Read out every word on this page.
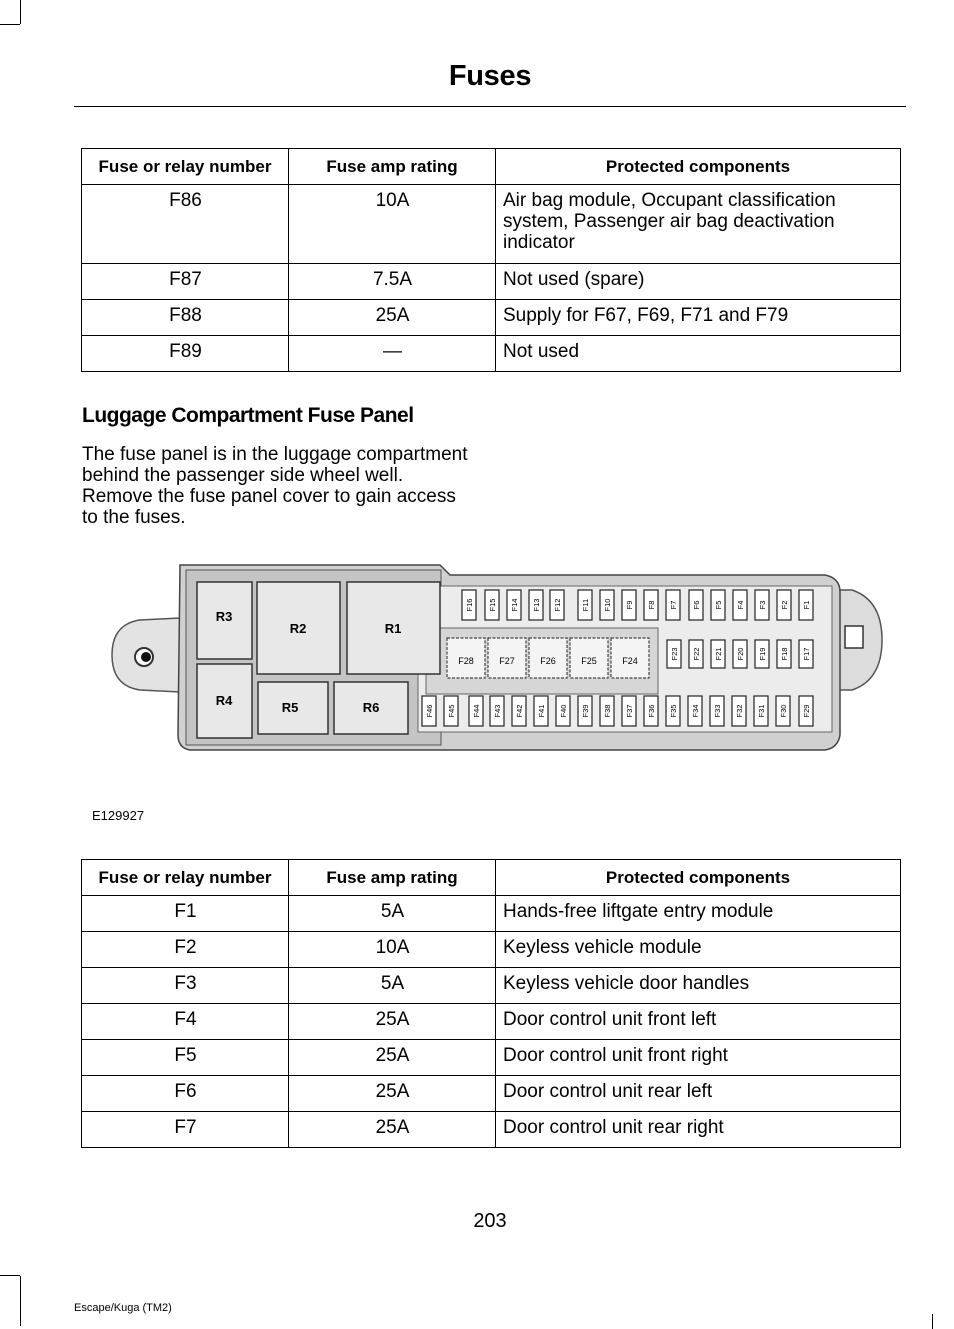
Fuses
Fuse or relay number	Fuse amp rating	Protected components
F86	10A	Air bag module, Occupant classification system, Passenger air bag deactivation indicator
F87	7.5A	Not used (spare)
F88	25A	Supply for F67, F69, F71 and F79
F89	—	Not used
Luggage Compartment Fuse Panel
The fuse panel is in the luggage compartment behind the passenger side wheel well. Remove the fuse panel cover to gain access to the fuses.
R3
R2	R1
R4	R5	R6
F16 F15 F14 F13 F12	F11 F10 F9 F8 F7 F6 F5 F4 F3 F2 F1
F28	F27	F26	F25	F24
F23 F22 F21 F20 F19 F18 F17
F46 F45 F44 F43 F42 F41 F40 F39 F38 F37 F36 F35 F34 F33 F32 F31 F30 F29
E129927
Fuse or relay number	Fuse amp rating	Protected components
F1	5A	Hands-free liftgate entry module
F2	10A	Keyless vehicle module
F3	5A	Keyless vehicle door handles
F4	25A	Door control unit front left
F5	25A	Door control unit front right
F6	25A	Door control unit rear left
F7	25A	Door control unit rear right
203
Escape/Kuga (TM2)
